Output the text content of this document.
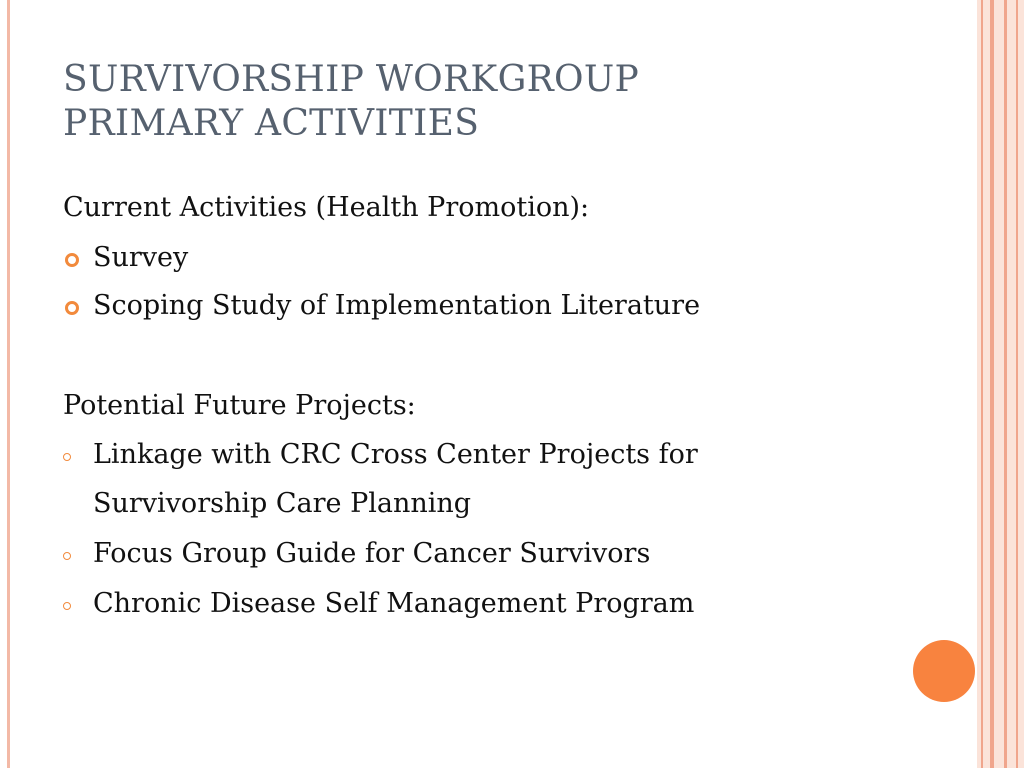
SURVIVORSHIP WORKGROUP
PRIMARY ACTIVITIES
Current Activities (Health Promotion):
Survey
Scoping Study of Implementation Literature
Potential Future Projects:
Linkage with CRC Cross Center Projects for
Survivorship Care Planning
Focus Group Guide for Cancer Survivors
Chronic Disease Self Management Program
